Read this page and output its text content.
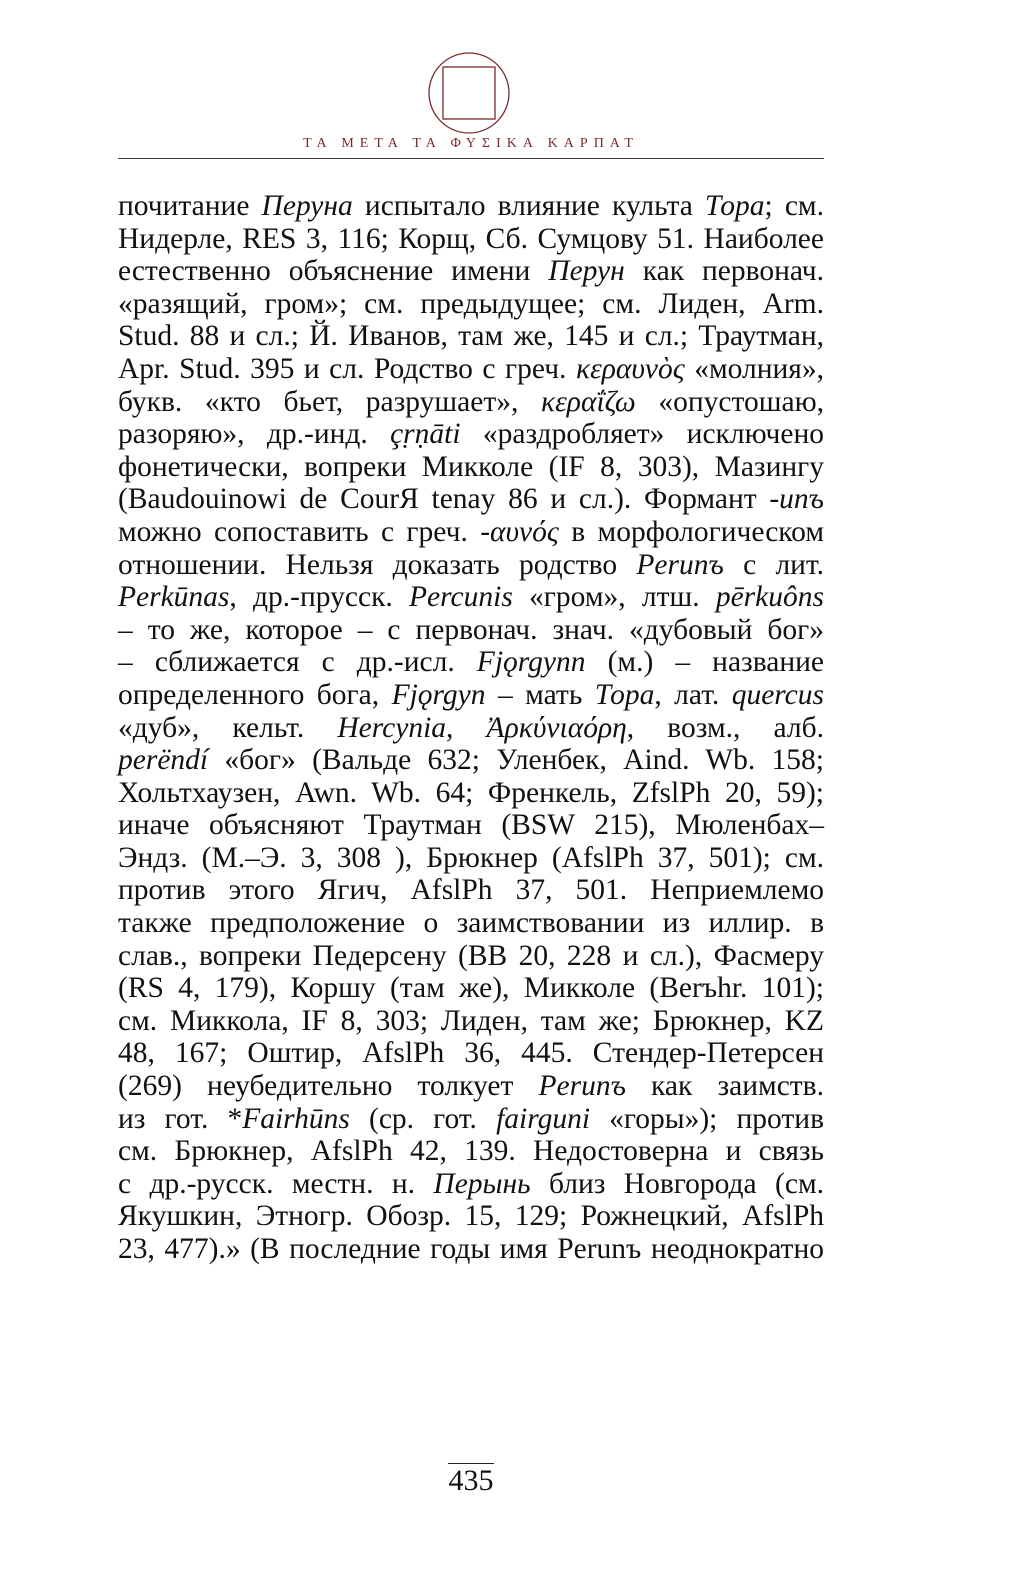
ΤΑ ΜΕΤΑ ΤΑ ΦΥΣΙΚΑ ΚΑΡΠΑΤ
почитание Перуна испытало влияние культа Тора; см.
Нидерле, RES 3, 116; Корщ, Сб. Сумцову 51. Наиболее
естественно объяснение имени Перун как первонач.
«разящий, гром»; см. предыдущее; см. Лиден, Arm.
Stud. 88 и сл.; Й. Иванов, там же, 145 и сл.; Траутман,
Apr. Stud. 395 и сл. Родство с греч. κεραυνὸς «молния»,
букв. «кто бьет, разрушает», κεραΐζω «опустошаю,
разоряю», др.-инд. çṛṇāti «раздробляет» исключено
фонетически, вопреки Микколе (IF 8, 303), Мазингу
(Baudouinowi de CourЯ tenay 86 и сл.). Формант -unъ
можно сопоставить с греч. -αυνός в морфологическом
отношении. Нельзя доказать родство Perunъ с лит.
Perkūnas, др.-прусск. Percunis «гром», лтш. pērkuôns
– то же, которое – с первонач. знач. «дубовый бог»
– сближается с др.-исл. Fjǫrgynn (м.) – название
определенного бога, Fjǫrgyn – мать Тора, лат. quercus
«дуб», кельт. Hercynia, Ἀρκύνιαόρη, возм., алб.
perëndí «бог» (Вальде 632; Уленбек, Aind. Wb. 158;
Хольтхаузен, Awn. Wb. 64; Френкель, ZfslPh 20, 59);
иначе объясняют Траутман (BSW 215), Мюленбах–
Эндз. (М.–Э. 3, 308 ), Брюкнер (AfslPh 37, 501); см.
против этого Ягич, AfslPh 37, 501. Неприемлемо
также предположение о заимствовании из иллир. в
слав., вопреки Педерсену (ВВ 20, 228 и сл.), Фасмеру
(RS 4, 179), Коршу (там же), Микколе (Веrъhr. 101);
см. Миккола, IF 8, 303; Лиден, там же; Брюкнер, KZ
48, 167; Оштир, AfslPh 36, 445. Стендер-Петерсен
(269) неубедительно толкует Perunъ как заимств.
из гот. *Fairhūns (ср. гот. fairguni «горы»); против
см. Брюкнер, AfslPh 42, 139. Недостоверна и связь
с др.-русск. местн. н. Перынь близ Новгорода (см.
Якушкин, Этногр. Обозр. 15, 129; Рожнецкий, AfslPh
23, 477).» (В последние годы имя Perunъ неоднократно
435
